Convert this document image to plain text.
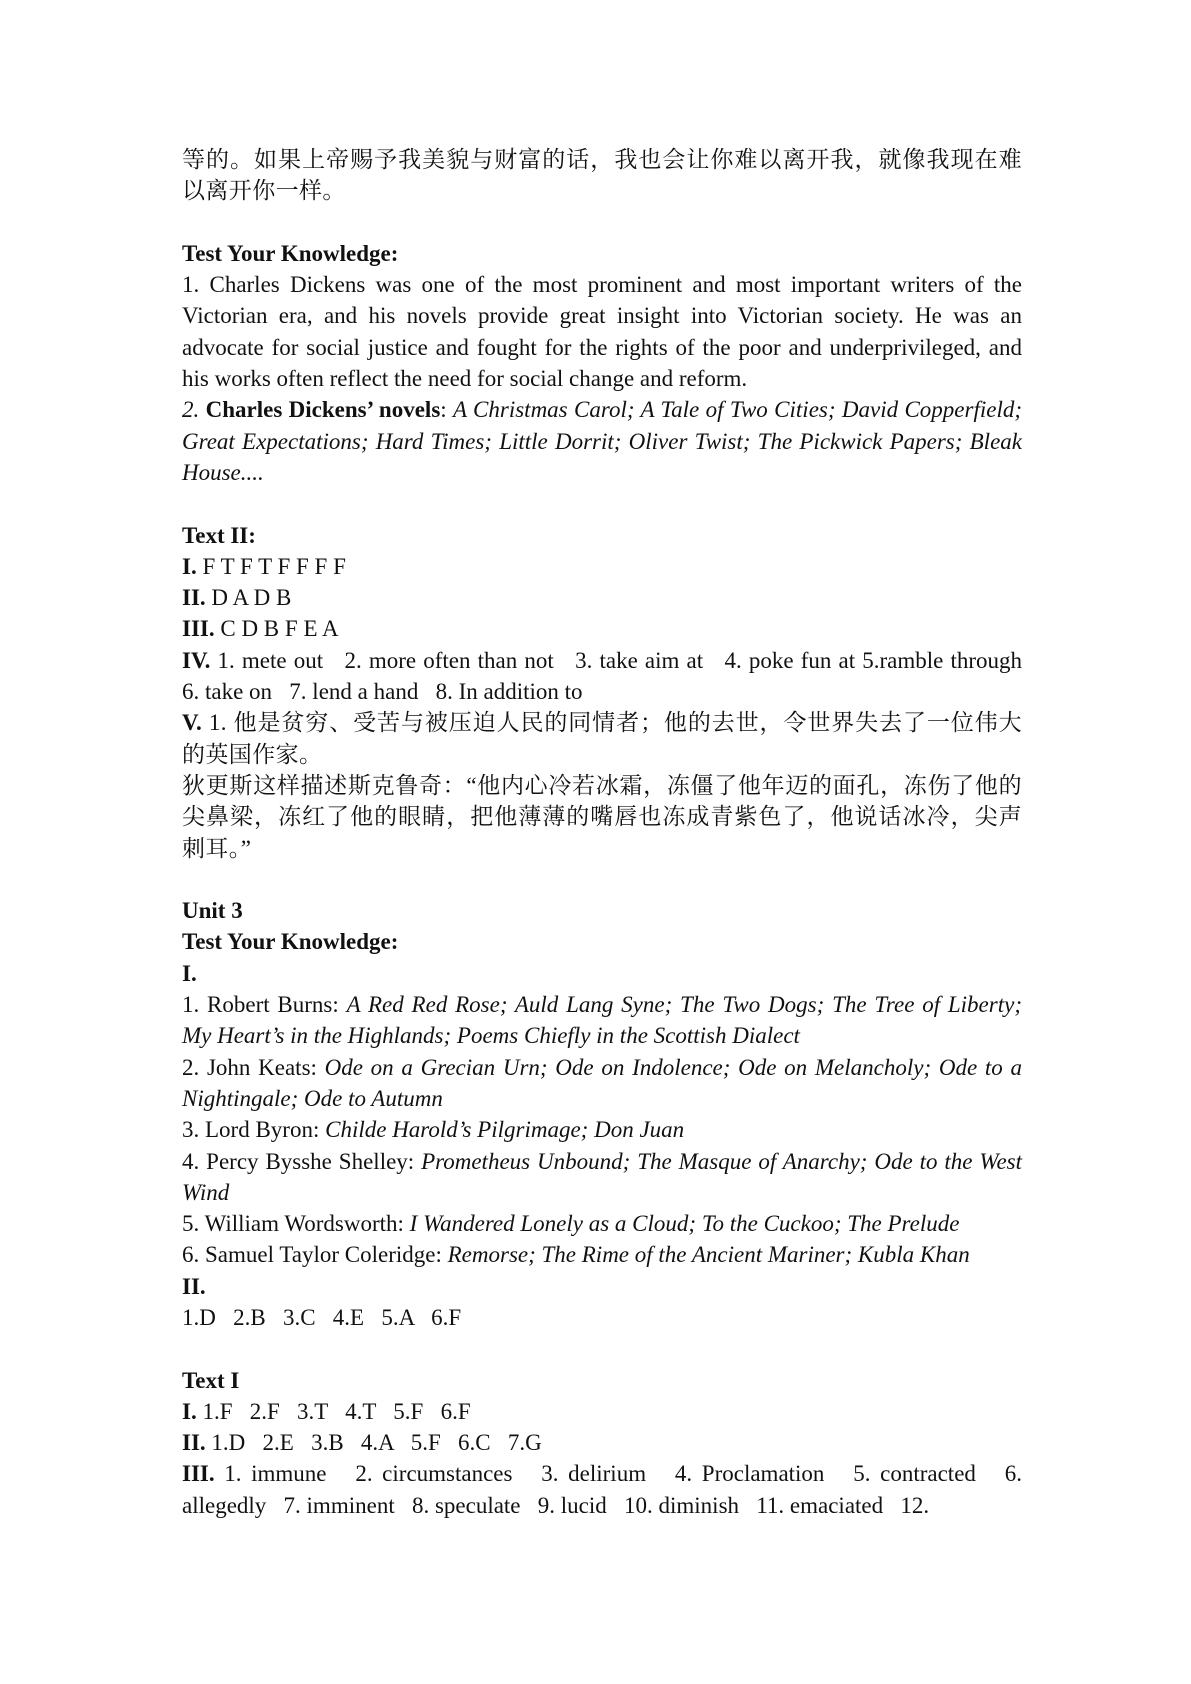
等的。如果上帝赐予我美貌与财富的话，我也会让你难以离开我，就像我现在难以离开你一样。

Test Your Knowledge:

1. Charles Dickens was one of the most prominent and most important writers of the Victorian era, and his novels provide great insight into Victorian society. He was an advocate for social justice and fought for the rights of the poor and underprivileged, and his works often reflect the need for social change and reform.

2. Charles Dickens’ novels: A Christmas Carol; A Tale of Two Cities; David Copperfield; Great Expectations; Hard Times; Little Dorrit; Oliver Twist; The Pickwick Papers; Bleak House....

Text II:

I. F T F T F F F F

II. D A D B

III. C D B F E A

IV. 1. mete out   2. more often than not   3. take aim at   4. poke fun at 5.ramble through   6. take on   7. lend a hand   8. In addition to

V. 1. 他是贫穷、受苦与被压迫人民的同情者；他的去世，令世界失去了一位伟大的英国作家。

狄更斯这样描述斯克鲁奇：“他内心冷若冰霜，冻僵了他年迈的面孔，冻伤了他的尖鼻梁，冻红了他的眼睛，把他薄薄的嘴唇也冻成青紫色了，他说话冰冷，尖声刺耳。”

Unit 3

Test Your Knowledge:

I.

1. Robert Burns: A Red Red Rose; Auld Lang Syne; The Two Dogs; The Tree of Liberty; My Heart’s in the Highlands; Poems Chiefly in the Scottish Dialect

2. John Keats: Ode on a Grecian Urn; Ode on Indolence; Ode on Melancholy; Ode to a Nightingale; Ode to Autumn

3. Lord Byron: Childe Harold’s Pilgrimage; Don Juan

4. Percy Bysshe Shelley: Prometheus Unbound; The Masque of Anarchy; Ode to the West Wind

5. William Wordsworth: I Wandered Lonely as a Cloud; To the Cuckoo; The Prelude

6. Samuel Taylor Coleridge: Remorse; The Rime of the Ancient Mariner; Kubla Khan

II.

1.D   2.B   3.C   4.E   5.A   6.F

Text I

I. 1.F   2.F   3.T   4.T   5.F   6.F

II. 1.D   2.E   3.B   4.A   5.F   6.C   7.G

III. 1. immune   2. circumstances   3. delirium   4. Proclamation   5. contracted   6. allegedly   7. imminent   8. speculate   9. lucid   10. diminish   11. emaciated   12.
